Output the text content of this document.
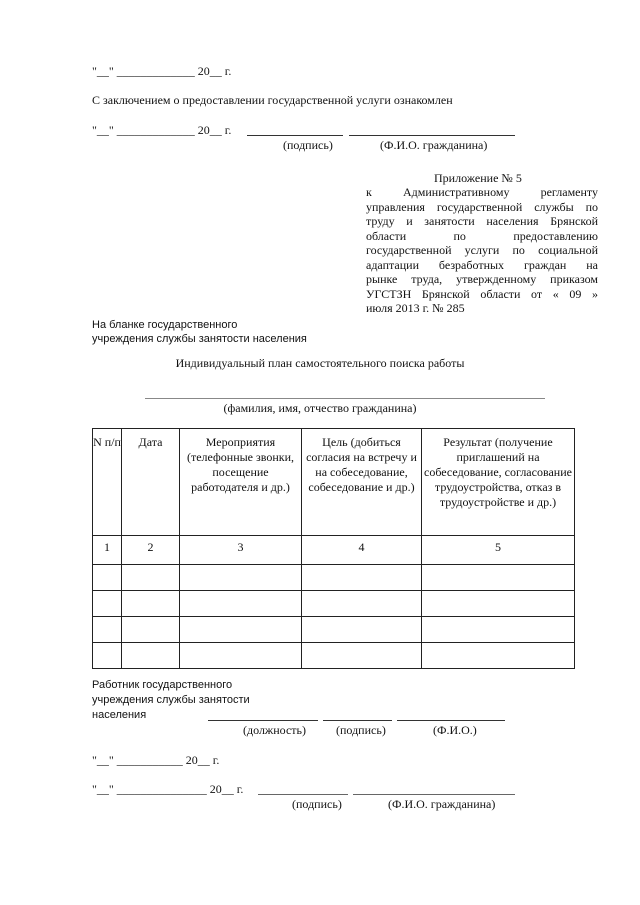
"__" _____________ 20__ г.
С заключением о предоставлении государственной услуги ознакомлен
"__" _____________ 20__ г.
(подпись)	(Ф.И.О. гражданина)
Приложение № 5
к Административному регламенту
управления государственной службы по
труду и занятости населения Брянской
области по предоставлению
государственной услуги по социальной
адаптации безработных граждан на
рынке труда, утвержденному приказом
УГСТЗН Брянской области от « 09 »
июля 2013 г. № 285
На бланке государственного
учреждения службы занятости населения
Индивидуальный план самостоятельного поиска работы
(фамилия, имя, отчество гражданина)
N п/п	Дата	Мероприятия (телефонные звонки, посещение работодателя и др.)	Цель (добиться согласия на встречу и на собеседование, собеседование и др.)	Результат (получение приглашений на собеседование, согласование трудоустройства, отказ в трудоустройстве и др.)
1	2	3	4	5

Работник государственного
учреждения службы занятости
населения
(должность)	(подпись)	(Ф.И.О.)
"__" ___________ 20__ г.
"__" _______________ 20__ г.
(подпись)	(Ф.И.О. гражданина)
